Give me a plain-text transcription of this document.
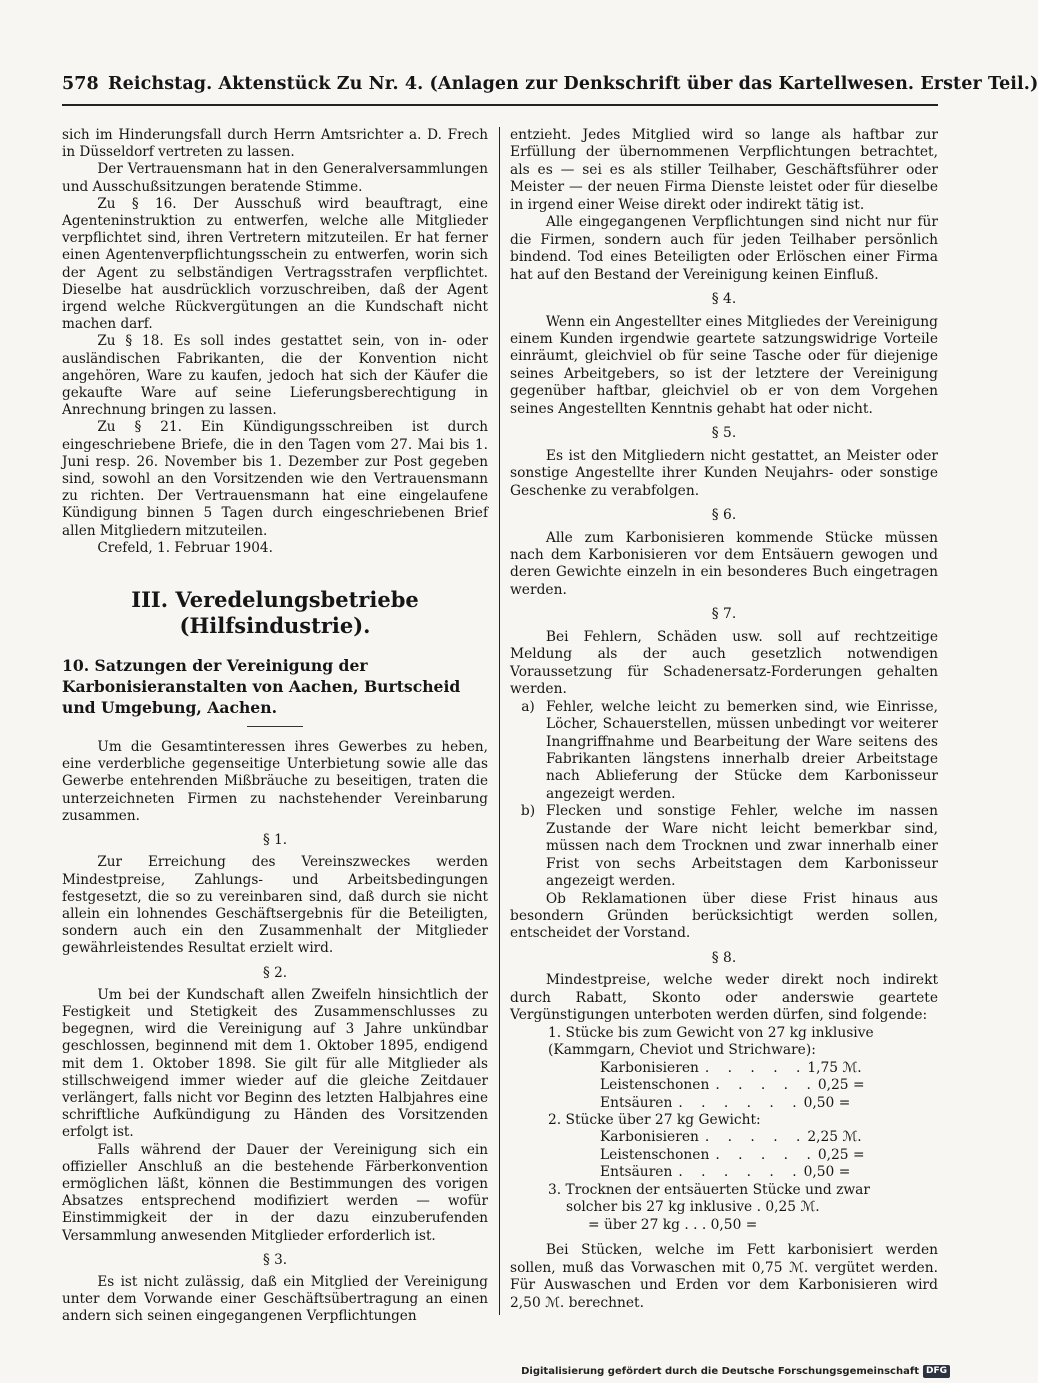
578 Reichstag. Aktenstück Zu Nr. 4. (Anlagen zur Denkschrift über das Kartellwesen. Erster Teil.)

sich im Hinderungsfall durch Herrn Amtsrichter a. D. Frech in Düsseldorf vertreten zu lassen.

Der Vertrauensmann hat in den Generalversammlungen und Ausschußsitzungen beratende Stimme.

Zu § 16. Der Ausschuß wird beauftragt, eine Agenteninstruktion zu entwerfen, welche alle Mitglieder verpflichtet sind, ihren Vertretern mitzuteilen. Er hat ferner einen Agentenverpflichtungsschein zu entwerfen, worin sich der Agent zu selbständigen Vertragsstrafen verpflichtet. Dieselbe hat ausdrücklich vorzuschreiben, daß der Agent irgend welche Rückvergütungen an die Kundschaft nicht machen darf.

Zu § 18. Es soll indes gestattet sein, von in- oder ausländischen Fabrikanten, die der Konvention nicht angehören, Ware zu kaufen, jedoch hat sich der Käufer die gekaufte Ware auf seine Lieferungsberechtigung in Anrechnung bringen zu lassen.

Zu § 21. Ein Kündigungsschreiben ist durch eingeschriebene Briefe, die in den Tagen vom 27. Mai bis 1. Juni resp. 26. November bis 1. Dezember zur Post gegeben sind, sowohl an den Vorsitzenden wie den Vertrauensmann zu richten. Der Vertrauensmann hat eine eingelaufene Kündigung binnen 5 Tagen durch eingeschriebenen Brief allen Mitgliedern mitzuteilen.

Crefeld, 1. Februar 1904.

III. Veredelungsbetriebe (Hilfsindustrie).

10. Satzungen der Vereinigung der Karbonisieranstalten von Aachen, Burtscheid und Umgebung, Aachen.

Um die Gesamtinteressen ihres Gewerbes zu heben, eine verderbliche gegenseitige Unterbietung sowie alle das Gewerbe entehrenden Mißbräuche zu beseitigen, traten die unterzeichneten Firmen zu nachstehender Vereinbarung zusammen.

§ 1.

Zur Erreichung des Vereinszweckes werden Mindestpreise, Zahlungs- und Arbeitsbedingungen festgesetzt, die so zu vereinbaren sind, daß durch sie nicht allein ein lohnendes Geschäftsergebnis für die Beteiligten, sondern auch ein den Zusammenhalt der Mitglieder gewährleistendes Resultat erzielt wird.

§ 2.

Um bei der Kundschaft allen Zweifeln hinsichtlich der Festigkeit und Stetigkeit des Zusammenschlusses zu begegnen, wird die Vereinigung auf 3 Jahre unkündbar geschlossen, beginnend mit dem 1. Oktober 1895, endigend mit dem 1. Oktober 1898. Sie gilt für alle Mitglieder als stillschweigend immer wieder auf die gleiche Zeitdauer verlängert, falls nicht vor Beginn des letzten Halbjahres eine schriftliche Aufkündigung zu Händen des Vorsitzenden erfolgt ist.

Falls während der Dauer der Vereinigung sich ein offizieller Anschluß an die bestehende Färberkonvention ermöglichen läßt, können die Bestimmungen des vorigen Absatzes entsprechend modifiziert werden — wofür Einstimmigkeit der in der dazu einzuberufenden Versammlung anwesenden Mitglieder erforderlich ist.

§ 3.

Es ist nicht zulässig, daß ein Mitglied der Vereinigung unter dem Vorwande einer Geschäftsübertragung an einen andern sich seinen eingegangenen Verpflichtungen

entzieht. Jedes Mitglied wird so lange als haftbar zur Erfüllung der übernommenen Verpflichtungen betrachtet, als es — sei es als stiller Teilhaber, Geschäftsführer oder Meister — der neuen Firma Dienste leistet oder für dieselbe in irgend einer Weise direkt oder indirekt tätig ist.

Alle eingegangenen Verpflichtungen sind nicht nur für die Firmen, sondern auch für jeden Teilhaber persönlich bindend. Tod eines Beteiligten oder Erlöschen einer Firma hat auf den Bestand der Vereinigung keinen Einfluß.

§ 4.

Wenn ein Angestellter eines Mitgliedes der Vereinigung einem Kunden irgendwie geartete satzungswidrige Vorteile einräumt, gleichviel ob für seine Tasche oder für diejenige seines Arbeitgebers, so ist der letztere der Vereinigung gegenüber haftbar, gleichviel ob er von dem Vorgehen seines Angestellten Kenntnis gehabt hat oder nicht.

§ 5.

Es ist den Mitgliedern nicht gestattet, an Meister oder sonstige Angestellte ihrer Kunden Neujahrs- oder sonstige Geschenke zu verabfolgen.

§ 6.

Alle zum Karbonisieren kommende Stücke müssen nach dem Karbonisieren vor dem Entsäuern gewogen und deren Gewichte einzeln in ein besonderes Buch eingetragen werden.

§ 7.

Bei Fehlern, Schäden usw. soll auf rechtzeitige Meldung als der auch gesetzlich notwendigen Voraussetzung für Schadenersatz-Forderungen gehalten werden.

a) Fehler, welche leicht zu bemerken sind, wie Einrisse, Löcher, Schauerstellen, müssen unbedingt vor weiterer Inangriffnahme und Bearbeitung der Ware seitens des Fabrikanten längstens innerhalb dreier Arbeitstage nach Ablieferung der Stücke dem Karbonisseur angezeigt werden.
b) Flecken und sonstige Fehler, welche im nassen Zustande der Ware nicht leicht bemerkbar sind, müssen nach dem Trocknen und zwar innerhalb einer Frist von sechs Arbeitstagen dem Karbonisseur angezeigt werden.

Ob Reklamationen über diese Frist hinaus aus besondern Gründen berücksichtigt werden sollen, entscheidet der Vorstand.

§ 8.

Mindestpreise, welche weder direkt noch indirekt durch Rabatt, Skonto oder anderswie geartete Vergünstigungen unterboten werden dürfen, sind folgende:

1. Stücke bis zum Gewicht von 27 kg inklusive (Kammgarn, Cheviot und Strichware):
Karbonisieren . . . . . 1,75 ℳ.
Leistenschonen . . . . . 0,25 =
Entsäuren . . . . . . 0,50 =
2. Stücke über 27 kg Gewicht:
Karbonisieren . . . . . 2,25 ℳ.
Leistenschonen . . . . . 0,25 =
Entsäuren . . . . . . 0,50 =
3. Trocknen der entsäuerten Stücke und zwar
solcher bis 27 kg inklusive . 0,25 ℳ.
= über 27 kg . . . 0,50 =

Bei Stücken, welche im Fett karbonisiert werden sollen, muß das Vorwaschen mit 0,75 ℳ. vergütet werden. Für Auswaschen und Erden vor dem Karbonisieren wird 2,50 ℳ. berechnet.

Digitalisierung gefördert durch die Deutsche Forschungsgemeinschaft DFG
